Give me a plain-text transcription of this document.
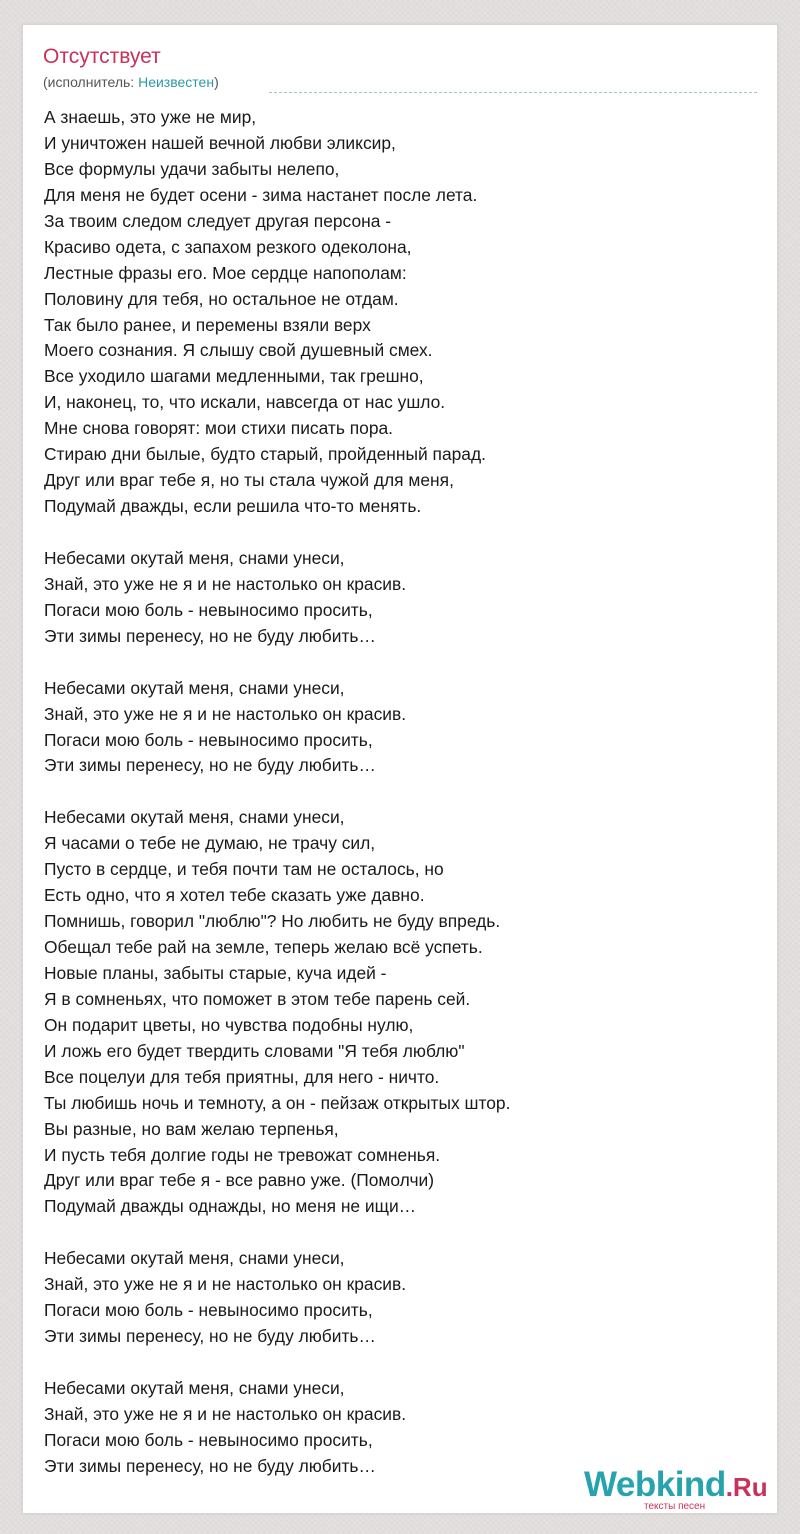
Отсутствует
(исполнитель: Неизвестен)
А знаешь, это уже не мир,
И уничтожен нашей вечной любви эликсир,
Все формулы удачи забыты нелепо,
Для меня не будет осени - зима настанет после лета.
За твоим следом следует другая персона -
Красиво одета, с запахом резкого одеколона,
Лестные фразы его. Мое сердце напополам:
Половину для тебя, но остальное не отдам.
Так было ранее, и перемены взяли верх
Моего сознания. Я слышу свой душевный смех.
Все уходило шагами медленными, так грешно,
И, наконец, то, что искали, навсегда от нас ушло.
Мне снова говорят: мои стихи писать пора.
Стираю дни былые, будто старый, пройденный парад.
Друг или враг тебе я, но ты стала чужой для меня,
Подумай дважды, если решила что-то менять.
Небесами окутай меня, снами унеси,
Знай, это уже не я и не настолько он красив.
Погаси мою боль - невыносимо просить,
Эти зимы перенесу, но не буду любить…
Небесами окутай меня, снами унеси,
Знай, это уже не я и не настолько он красив.
Погаси мою боль - невыносимо просить,
Эти зимы перенесу, но не буду любить…
Небесами окутай меня, снами унеси,
Я часами о тебе не думаю, не трачу сил,
Пусто в сердце, и тебя почти там не осталось, но
Есть одно, что я хотел тебе сказать уже давно.
Помнишь, говорил "люблю"? Но любить не буду впредь.
Обещал тебе рай на земле, теперь желаю всё успеть.
Новые планы, забыты старые, куча идей -
Я в сомненьях, что поможет в этом тебе парень сей.
Он подарит цветы, но чувства подобны нулю,
И ложь его будет твердить словами "Я тебя люблю"
Все поцелуи для тебя приятны, для него - ничто.
Ты любишь ночь и темноту, а он - пейзаж открытых штор.
Вы разные, но вам желаю терпенья,
И пусть тебя долгие годы не тревожат сомненья.
Друг или враг тебе я - все равно уже. (Помолчи)
Подумай дважды однажды, но меня не ищи…
Небесами окутай меня, снами унеси,
Знай, это уже не я и не настолько он красив.
Погаси мою боль - невыносимо просить,
Эти зимы перенесу, но не буду любить…
Небесами окутай меня, снами унеси,
Знай, это уже не я и не настолько он красив.
Погаси мою боль - невыносимо просить,
Эти зимы перенесу, но не буду любить…	Webkind.Ru
тексты песен
